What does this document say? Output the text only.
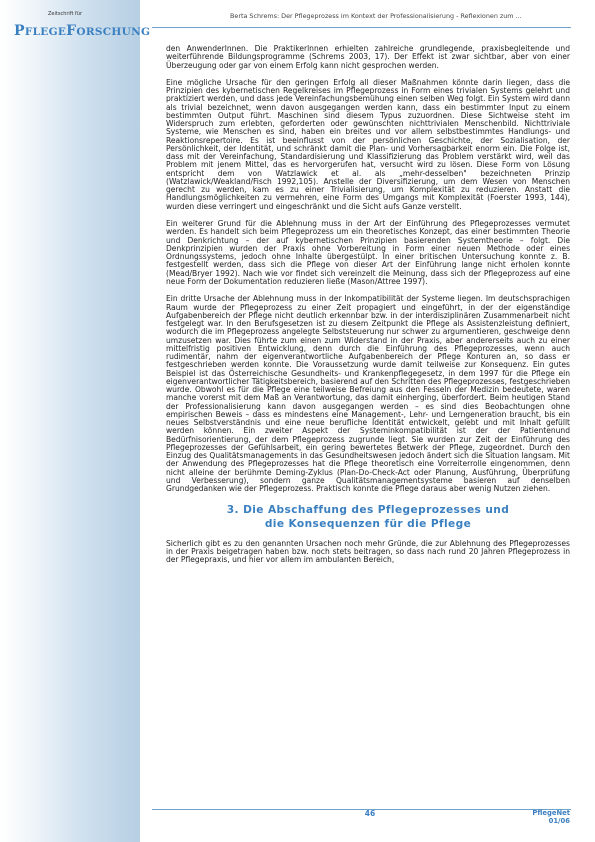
Zeitschrift für
PFLEGEFORSCHUNG
Berta Schrems: Der Pflegeprozess im Kontext der Professionalisierung - Reflexionen zum ...

den Anwenderlnnen. Die Praktikerlnnen erhielten zahlreiche grundlegende, praxisbegleitende und weiterführende Bildungsprogramme (Schrems 2003, 17). Der Effekt ist zwar sichtbar, aber von einer Überzeugung oder gar von einem Erfolg kann nicht gesprochen werden.

Eine mögliche Ursache für den geringen Erfolg all dieser Maßnahmen könnte darin liegen, dass die Prinzipien des kybernetischen Regelkreises im Pflegeprozess in Form eines trivialen Systems gelehrt und praktiziert werden, und dass jede Vereinfachungsbemühung einen selben Weg folgt. Ein System wird dann als trivial bezeichnet, wenn davon ausgegangen werden kann, dass ein bestimmter Input zu einem bestimmten Output führt. Maschinen sind diesem Typus zuzuordnen. Diese Sichtweise steht im Widerspruch zum erlebten, geforderten oder gewünschten nichttrivialen Menschenbild. Nichttriviale Systeme, wie Menschen es sind, haben ein breites und vor allem selbstbestimmtes Handlungs- und Reaktionsrepertoire. Es ist beeinflusst von der persönlichen Geschichte, der Sozialisation, der Persönlichkeit, der Identität, und schränkt damit die Plan- und Vorhersagbarkeit enorm ein. Die Folge ist, dass mit der Vereinfachung, Standardisierung und Klassifizierung das Problem verstärkt wird, weil das Problem mit jenem Mittel, das es hervorgerufen hat, versucht wird zu lösen. Diese Form von Lösung entspricht dem von Watzlawick et al. als „mehr-desselben" bezeichneten Prinzip (Watzlawick/Weakland/Fisch 1992,105). Anstelle der Diversifizierung, um dem Wesen von Menschen gerecht zu werden, kam es zu einer Trivialisierung, um Komplexität zu reduzieren. Anstatt die Handlungsmöglichkeiten zu vermehren, eine Form des Umgangs mit Komplexität (Foerster 1993, 144), wurden diese verringert und eingeschränkt und die Sicht aufs Ganze verstellt.

Ein weiterer Grund für die Ablehnung muss in der Art der Einführung des Pflegeprozesses vermutet werden. Es handelt sich beim Pflegeprozess um ein theoretisches Konzept, das einer bestimmten Theorie und Denkrichtung – der auf kybernetischen Prinzipien basierenden Systemtheorie – folgt. Die Denkprinzipien wurden der Praxis ohne Vorbereitung in Form einer neuen Methode oder eines Ordnungssystems, jedoch ohne Inhalte übergestülpt. In einer britischen Untersuchung konnte z. B. festgestellt werden, dass sich die Pflege von dieser Art der Einführung lange nicht erholen konnte (Mead/Bryer 1992). Nach wie vor findet sich vereinzelt die Meinung, dass sich der Pflegeprozess auf eine neue Form der Dokumentation reduzieren ließe (Mason/Attree 1997).

Ein dritte Ursache der Ablehnung muss in der Inkompatibilität der Systeme liegen. Im deutschsprachigen Raum wurde der Pflegeprozess zu einer Zeit propagiert und eingeführt, in der der eigenständige Aufgabenbereich der Pflege nicht deutlich erkennbar bzw. in der interdisziplinären Zusammenarbeit nicht festgelegt war. In den Berufsgesetzen ist zu diesem Zeitpunkt die Pflege als Assistenzleistung definiert, wodurch die im Pflegeprozess angelegte Selbststeuerung nur schwer zu argumentieren, geschweige denn umzusetzen war. Dies führte zum einen zum Widerstand in der Praxis, aber andererseits auch zu einer mittelfristig positiven Entwicklung, denn durch die Einführung des Pflegeprozesses, wenn auch rudimentär, nahm der eigenverantwortliche Aufgabenbereich der Pflege Konturen an, so dass er festgeschrieben werden konnte. Die Voraussetzung wurde damit teilweise zur Konsequenz. Ein gutes Beispiel ist das Österreichische Gesundheits- und Krankenpflegegesetz, in dem 1997 für die Pflege ein eigenverantwortlicher Tätigkeitsbereich, basierend auf den Schritten des Pflegeprozesses, festgeschrieben wurde. Obwohl es für die Pflege eine teilweise Befreiung aus den Fesseln der Medizin bedeutete, waren manche vorerst mit dem Maß an Verantwortung, das damit einherging, überfordert. Beim heutigen Stand der Professionalisierung kann davon ausgegangen werden – es sind dies Beobachtungen ohne empirischen Beweis – dass es mindestens eine Management-, Lehr- und Lerngeneration braucht, bis ein neues Selbstverständnis und eine neue berufliche Identität entwickelt, gelebt und mit Inhalt gefüllt werden können. Ein zweiter Aspekt der Systeminkompatibilität ist der der Patientenund Bedürfnisorientierung, der dem Pflegeprozess zugrunde liegt. Sie wurden zur Zeit der Einführung des Pflegeprozesses der Gefühlsarbeit, ein gering bewertetes Betwerk der Pflege, zugeordnet. Durch den Einzug des Qualitätsmanagements in das Gesundheitswesen jedoch ändert sich die Situation langsam. Mit der Anwendung des Pflegeprozesses hat die Pflege theoretisch eine Vorreiterrolle eingenommen, denn nicht alleine der berühmte Deming-Zyklus (Plan-Do-Check-Act oder Planung, Ausführung, Überprüfung und Verbesserung), sondern ganze Qualitätsmanagementsysteme basieren auf denselben Grundgedanken wie der Pflegeprozess. Praktisch konnte die Pflege daraus aber wenig Nutzen ziehen.

3. Die Abschaffung des Pflegeprozesses und
die Konsequenzen für die Pflege

Sicherlich gibt es zu den genannten Ursachen noch mehr Gründe, die zur Ablehnung des Pflegeprozesses in der Praxis beigetragen haben bzw. noch stets beitragen, so dass nach rund 20 Jahren Pflegeprozess in der Pflegepraxis, und hier vor allem im ambulanten Bereich,

46	PflegeNet 01/06
